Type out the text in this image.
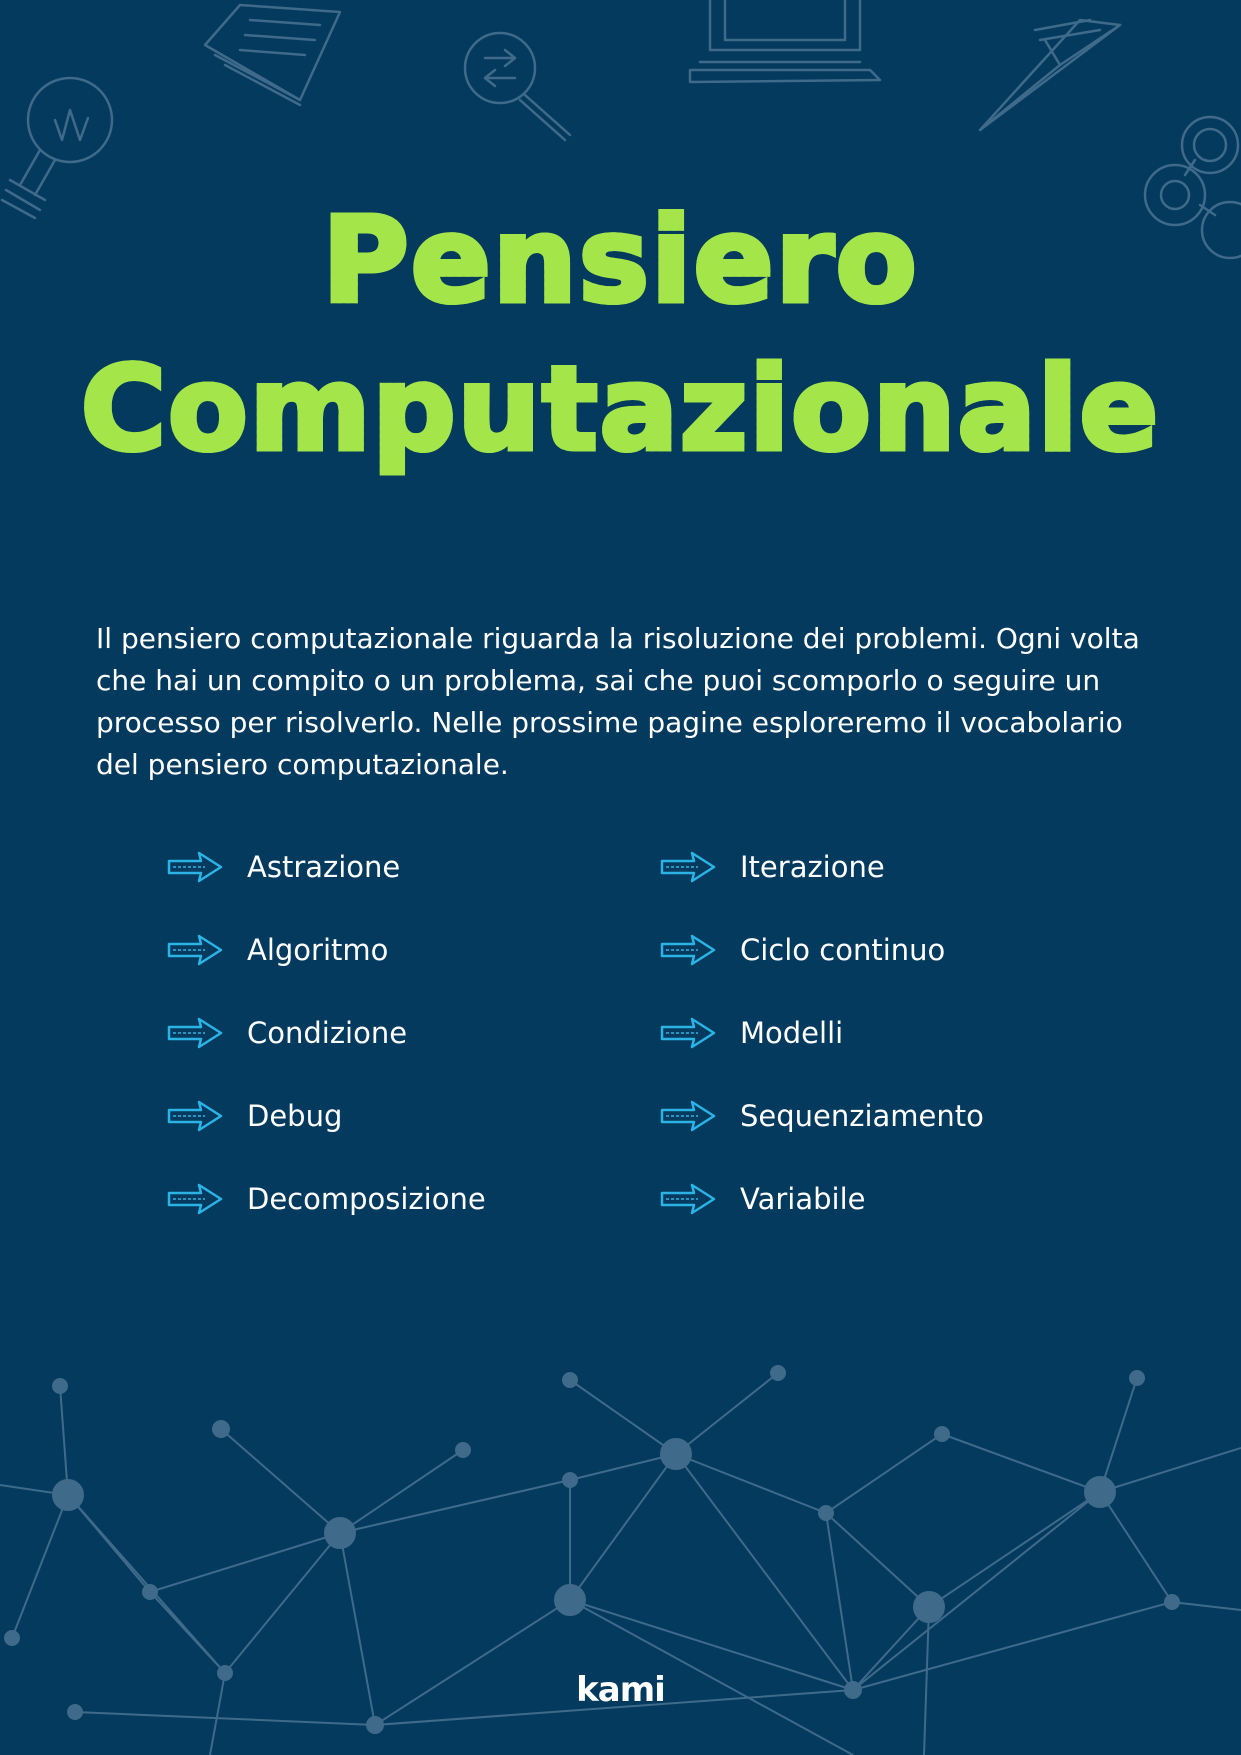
Pensiero
Computazionale

Il pensiero computazionale riguarda la risoluzione dei problemi. Ogni volta che hai un compito o un problema, sai che puoi scomporlo o seguire un processo per risolverlo. Nelle prossime pagine esploreremo il vocabolario del pensiero computazionale.

Astrazione
Algoritmo
Condizione
Debug
Decomposizione
Iterazione
Ciclo continuo
Modelli
Sequenziamento
Variabile
kami
